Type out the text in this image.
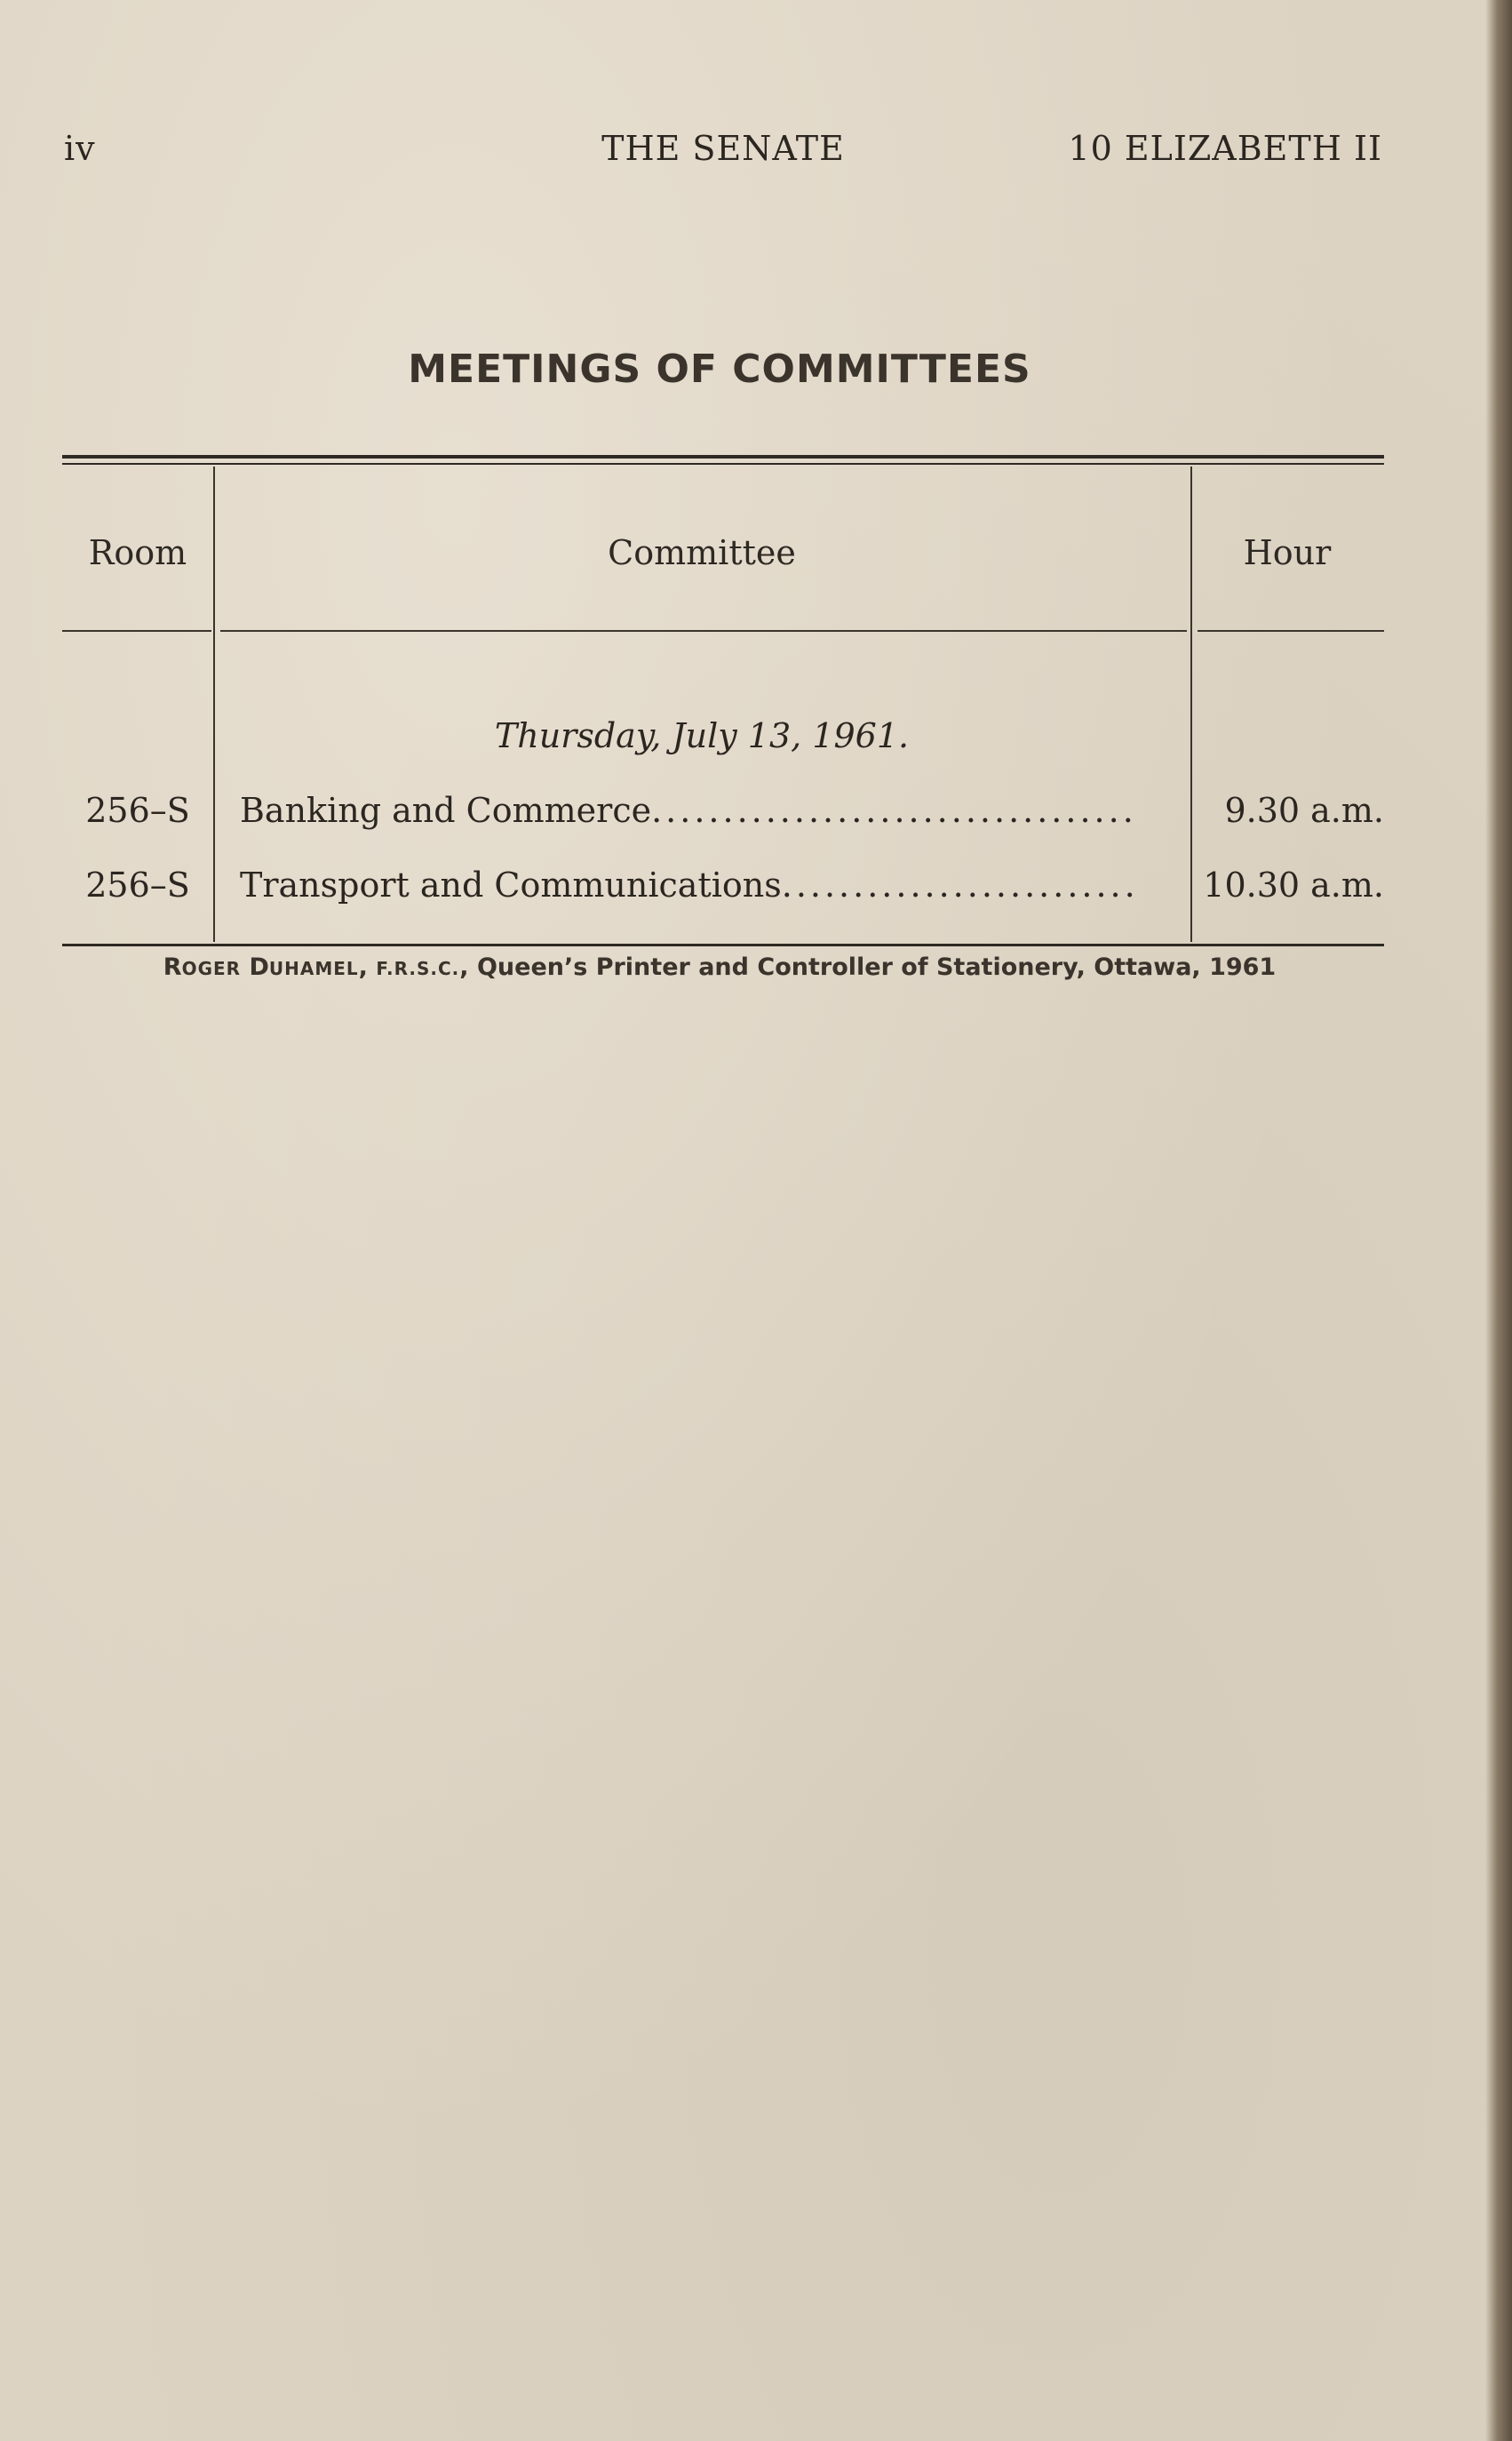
THE SENATE
iv	10 ELIZABETH II
MEETINGS OF COMMITTEES
Room	Committee	Hour
Thursday, July 13, 1961.
256–S	Banking and Commerce..................................	9.30 a.m.
256–S	Transport and Communications.........................	10.30 a.m.
ROGER DUHAMEL, F.R.S.C., Queen’s Printer and Controller of Stationery, Ottawa, 1961
